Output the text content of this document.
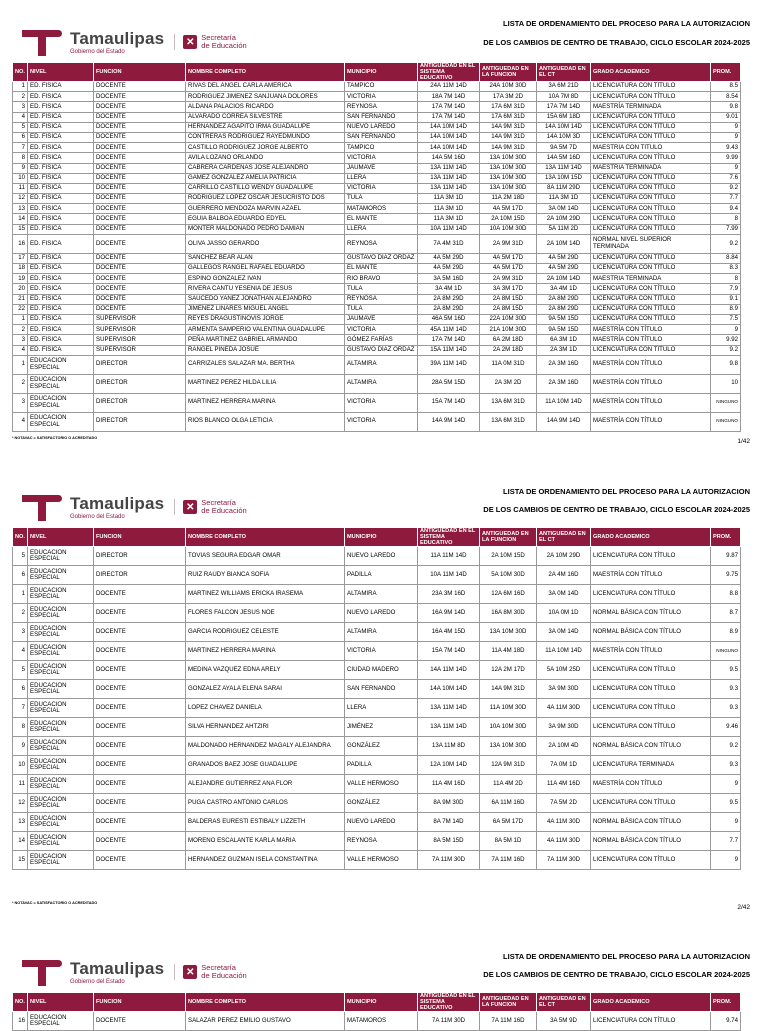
Tamaulipas
Gobierno del Estado
✕ Secretaría
de Educación
LISTA DE ORDENAMIENTO DEL PROCESO PARA LA AUTORIZACION
DE LOS CAMBIOS DE CENTRO DE TRABAJO, CICLO ESCOLAR 2024-2025
NO.	NIVEL	FUNCION	NOMBRE COMPLETO	MUNICIPIO	ANTIGUEDAD EN EL SISTEMA EDUCATIVO	ANTIGUEDAD EN LA FUNCION	ANTIGUEDAD EN EL CT	GRADO ACADEMICO	PROM.
1	ED. FISICA	DOCENTE	RIVAS DEL ANGEL CARLA AMERICA	TAMPICO	24A 11M 14D	24A 10M 30D	3A 6M 21D	LICENCIATURA CON TÍTULO	8.5
2	ED. FISICA	DOCENTE	RODRIGUEZ JIMENEZ SANJUANA DOLORES	VICTORIA	18A 7M 14D	17A 3M 2D	10A 7M 8D	LICENCIATURA CON TÍTULO	8.54
3	ED. FISICA	DOCENTE	ALDANA PALACIOS RICARDO	REYNOSA	17A 7M 14D	17A 6M 31D	17A 7M 14D	MAESTRÍA TERMINADA	9.8
4	ED. FISICA	DOCENTE	ALVARADO CORREA SILVESTRE	SAN FERNANDO	17A 7M 14D	17A 6M 31D	15A 6M 18D	LICENCIATURA CON TÍTULO	9.01
5	ED. FISICA	DOCENTE	HERNANDEZ AGAPITO IRMA GUADALUPE	NUEVO LAREDO	14A 10M 14D	14A 9M 31D	14A 10M 14D	LICENCIATURA CON TÍTULO	9
6	ED. FISICA	DOCENTE	CONTRERAS RODRIGUEZ RAYEDMUNDO	SAN FERNANDO	14A 10M 14D	14A 9M 31D	14A 10M 3D	LICENCIATURA CON TÍTULO	9
7	ED. FISICA	DOCENTE	CASTILLO RODRIGUEZ JORGE ALBERTO	TAMPICO	14A 10M 14D	14A 9M 31D	9A 5M 7D	MAESTRIA CON TITULO	9.43
8	ED. FISICA	DOCENTE	AVILA LOZANO ORLANDO	VICTORIA	14A 5M 16D	13A 10M 30D	14A 5M 16D	LICENCIATURA CON TÍTULO	9.99
9	ED. FISICA	DOCENTE	CABRERA CARDENAS JOSE ALEJANDRO	JAUMAVE	13A 11M 14D	13A 10M 30D	13A 11M 14D	MAESTRIA TERMINADA	9
10	ED. FISICA	DOCENTE	GAMEZ GONZALEZ AMELIA PATRICIA	LLERA	13A 11M 14D	13A 10M 30D	13A 10M 15D	LICENCIATURA CON TÍTULO	7.6
11	ED. FISICA	DOCENTE	CARRILLO CASTILLO WENDY GUADALUPE	VICTORIA	13A 11M 14D	13A 10M 30D	8A 11M 29D	LICENCIATURA CON TÍTULO	9.2
12	ED. FISICA	DOCENTE	RODRIGUEZ LOPEZ OSCAR JESUCRISTO DOS	TULA	11A 3M 1D	11A 2M 18D	11A 3M 1D	LICENCIATURA CON TÍTULO	7.7
13	ED. FISICA	DOCENTE	GUERRERO MENDOZA MARVIN AZAEL	MATAMOROS	11A 3M 1D	4A 5M 17D	3A 0M 14D	LICENCIATURA CON TÍTULO	9.4
14	ED. FISICA	DOCENTE	EGUIA BALBOA EDUARDO EDYEL	EL MANTE	11A 3M 1D	2A 10M 15D	2A 10M 29D	LICENCIATURA CON TÍTULO	8
15	ED. FISICA	DOCENTE	MONTER MALDONADO PEDRO DAMIAN	LLERA	10A 11M 14D	10A 10M 30D	5A 11M 2D	LICENCIATURA CON TÍTULO	7.99
16	ED. FISICA	DOCENTE	OLIVA JASSO GERARDO	REYNOSA	7A 4M 31D	2A 9M 31D	2A 10M 14D	NORMAL NIVEL SUPERIOR TERMINADA	9.2
17	ED. FISICA	DOCENTE	SANCHEZ BEAR ALAN	GUSTAVO DÍAZ ORDAZ	4A 5M 29D	4A 5M 17D	4A 5M 29D	LICENCIATURA CON TÍTULO	8.84
18	ED. FISICA	DOCENTE	GALLEGOS RANGEL RAFAEL EDUARDO	EL MANTE	4A 5M 29D	4A 5M 17D	4A 5M 29D	LICENCIATURA CON TÍTULO	8.3
19	ED. FISICA	DOCENTE	ESPINO GONZALEZ IVAN	RIO BRAVO	3A 5M 16D	2A 9M 31D	2A 10M 14D	MAESTRIA TERMINADA	8
20	ED. FISICA	DOCENTE	RIVERA CANTU YESENIA DE JESUS	TULA	3A 4M 1D	3A 3M 17D	3A 4M 1D	LICENCIATURA CON TÍTULO	7.9
21	ED. FISICA	DOCENTE	SAUCEDO YAÑEZ JONATHAN ALEJANDRO	REYNOSA	2A 8M 29D	2A 8M 15D	2A 8M 29D	LICENCIATURA CON TÍTULO	9.1
22	ED. FISICA	DOCENTE	JIMENEZ LINARES MIGUEL ANGEL	TULA	2A 8M 29D	2A 8M 15D	2A 8M 29D	LICENCIATURA CON TÍTULO	8.9
1	ED. FISICA	SUPERVISOR	REYES DRAGUSTINOVIS JORGE	JAUMAVE	46A 5M 16D	22A 10M 30D	9A 5M 15D	LICENCIATURA CON TÍTULO	7.5
2	ED. FISICA	SUPERVISOR	ARMENTA SAMPERIO VALENTINA GUADALUPE	VICTORIA	45A 11M 14D	21A 10M 30D	9A 5M 15D	MAESTRÍA CON TÍTULO	9
3	ED. FISICA	SUPERVISOR	PEÑA MARTINEZ GABRIEL ARMANDO	GÓMEZ FARÍAS	17A 7M 14D	6A 2M 18D	6A 3M 1D	MAESTRÍA CON TÍTULO	9.92
4	ED. FISICA	SUPERVISOR	RANGEL PINEDA JOSUE	GUSTAVO DÍAZ ORDAZ	15A 11M 14D	2A 2M 18D	2A 3M 1D	LICENCIATURA CON TÍTULO	9.2
1	EDUCACION ESPECIAL	DIRECTOR	CARRIZALES SALAZAR MA. BERTHA	ALTAMIRA	39A 11M 14D	11A 0M 31D	2A 3M 16D	MAESTRÍA CON TÍTULO	9.8
2	EDUCACION ESPECIAL	DIRECTOR	MARTINEZ PEREZ HILDA LILIA	ALTAMIRA	28A 5M 15D	2A 3M 2D	2A 3M 16D	MAESTRÍA CON TÍTULO	10
3	EDUCACION ESPECIAL	DIRECTOR	MARTINEZ HERRERA MARINA	VICTORIA	15A 7M 14D	13A 6M 31D	11A 10M 14D	MAESTRÍA CON TÍTULO	NINGUNO
4	EDUCACION ESPECIAL	DIRECTOR	RIOS BLANCO OLGA LETICIA	VICTORIA	14A 9M 14D	13A 6M 31D	14A 9M 14D	MAESTRÍA CON TÍTULO	NINGUNO
* NOTAVAC = SATISFACTORIO O ACREDITADO	1/42
Tamaulipas
Gobierno del Estado
✕ Secretaría
de Educación
LISTA DE ORDENAMIENTO DEL PROCESO PARA LA AUTORIZACION
DE LOS CAMBIOS DE CENTRO DE TRABAJO, CICLO ESCOLAR 2024-2025
NO.	NIVEL	FUNCION	NOMBRE COMPLETO	MUNICIPIO	ANTIGUEDAD EN EL SISTEMA EDUCATIVO	ANTIGUEDAD EN LA FUNCION	ANTIGUEDAD EN EL CT	GRADO ACADEMICO	PROM.
5	EDUCACION ESPECIAL	DIRECTOR	TOVIAS SEGURA EDGAR OMAR	NUEVO LAREDO	11A 11M 14D	2A 10M 15D	2A 10M 29D	LICENCIATURA CON TÍTULO	9.87
6	EDUCACION ESPECIAL	DIRECTOR	RUIZ RAUDY BIANCA SOFIA	PADILLA	10A 11M 14D	5A 10M 30D	2A 4M 16D	MAESTRÍA CON TÍTULO	9.75
1	EDUCACION ESPECIAL	DOCENTE	MARTINEZ WILLIAMS ERICKA IRASEMA	ALTAMIRA	23A 3M 16D	12A 6M 16D	3A 0M 14D	LICENCIATURA CON TÍTULO	8.8
2	EDUCACION ESPECIAL	DOCENTE	FLORES FALCON JESUS NOE	NUEVO LAREDO	16A 9M 14D	16A 8M 30D	10A 0M 1D	NORMAL BÁSICA CON TÍTULO	8.7
3	EDUCACION ESPECIAL	DOCENTE	GARCIA RODRIGUEZ CELESTE	ALTAMIRA	16A 4M 15D	13A 10M 30D	3A 0M 14D	NORMAL BÁSICA CON TÍTULO	8.9
4	EDUCACION ESPECIAL	DOCENTE	MARTINEZ HERRERA MARINA	VICTORIA	15A 7M 14D	11A 4M 18D	11A 10M 14D	MAESTRÍA CON TÍTULO	NINGUNO
5	EDUCACION ESPECIAL	DOCENTE	MEDINA VAZQUEZ EDNA ARELY	CIUDAD MADERO	14A 11M 14D	12A 2M 17D	5A 10M 25D	LICENCIATURA CON TÍTULO	9.5
6	EDUCACION ESPECIAL	DOCENTE	GONZALEZ AYALA ELENA SARAI	SAN FERNANDO	14A 10M 14D	14A 9M 31D	3A 9M 30D	LICENCIATURA CON TÍTULO	9.3
7	EDUCACION ESPECIAL	DOCENTE	LOPEZ CHAVEZ DANIELA	LLERA	13A 11M 14D	11A 10M 30D	4A 11M 30D	LICENCIATURA CON TÍTULO	9.3
8	EDUCACION ESPECIAL	DOCENTE	SILVA HERNANDEZ AHTZIRI	JIMÉNEZ	13A 11M 14D	10A 10M 30D	3A 9M 30D	LICENCIATURA CON TÍTULO	9.46
9	EDUCACION ESPECIAL	DOCENTE	MALDONADO HERNANDEZ MAGALY ALEJANDRA	GONZÁLEZ	13A 11M 8D	13A 10M 30D	2A 10M 4D	NORMAL BÁSICA CON TÍTULO	9.2
10	EDUCACION ESPECIAL	DOCENTE	GRANADOS BAEZ JOSE GUADALUPE	PADILLA	12A 10M 14D	12A 9M 31D	7A 0M 1D	LICENCIATURA TERMINADA	9.3
11	EDUCACION ESPECIAL	DOCENTE	ALEJANDRE GUTIERREZ ANA FLOR	VALLE HERMOSO	11A 4M 16D	11A 4M 2D	11A 4M 16D	MAESTRÍA CON TÍTULO	9
12	EDUCACION ESPECIAL	DOCENTE	PUGA CASTRO ANTONIO CARLOS	GONZÁLEZ	8A 9M 30D	6A 11M 16D	7A 5M 2D	LICENCIATURA CON TÍTULO	9.5
13	EDUCACION ESPECIAL	DOCENTE	BALDERAS EURESTI ESTIBALY LIZZETH	NUEVO LAREDO	8A 7M 14D	6A 5M 17D	4A 11M 30D	NORMAL BÁSICA CON TÍTULO	9
14	EDUCACION ESPECIAL	DOCENTE	MORENO ESCALANTE KARLA MARIA	REYNOSA	8A 5M 15D	8A 5M 1D	4A 11M 30D	NORMAL BÁSICA CON TÍTULO	7.7
15	EDUCACION ESPECIAL	DOCENTE	HERNANDEZ GUZMAN ISELA CONSTANTINA	VALLE HERMOSO	7A 11M 30D	7A 11M 16D	7A 11M 30D	LICENCIATURA CON TÍTULO	9
* NOTAVAC = SATISFACTORIO O ACREDITADO
2/42
Tamaulipas
Gobierno del Estado
✕ Secretaría
de Educación
LISTA DE ORDENAMIENTO DEL PROCESO PARA LA AUTORIZACION
DE LOS CAMBIOS DE CENTRO DE TRABAJO, CICLO ESCOLAR 2024-2025
NO.	NIVEL	FUNCION	NOMBRE COMPLETO	MUNICIPIO	ANTIGUEDAD EN EL SISTEMA EDUCATIVO	ANTIGUEDAD EN LA FUNCION	ANTIGUEDAD EN EL CT	GRADO ACADEMICO	PROM.
16	EDUCACION ESPECIAL	DOCENTE	SALAZAR PEREZ EMILIO GUSTAVO	MATAMOROS	7A 11M 30D	7A 11M 16D	3A 5M 9D	LICENCIATURA CON TÍTULO	9.74
